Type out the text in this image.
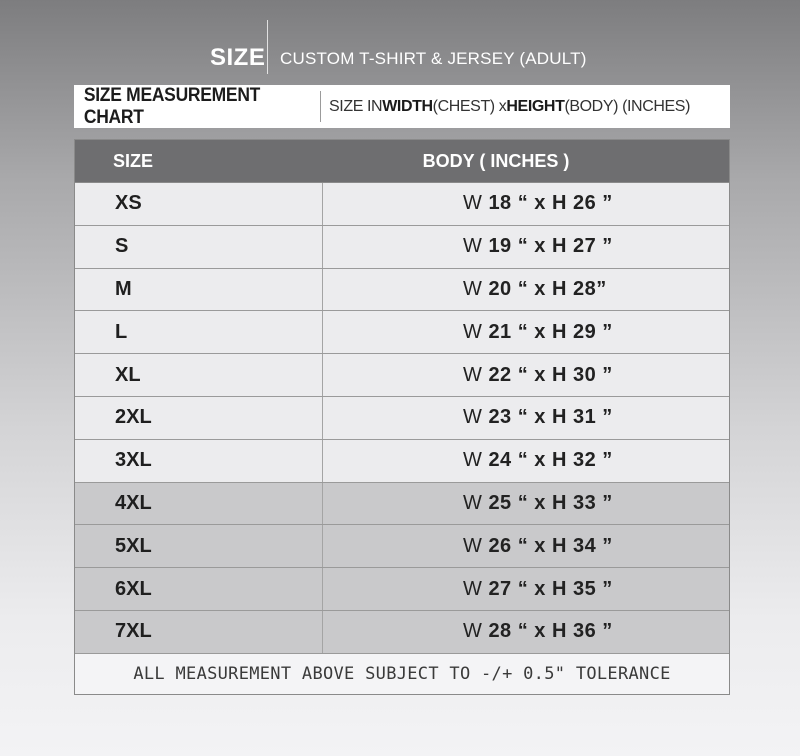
SIZE CUSTOM T-SHIRT & JERSEY (ADULT)
SIZE MEASUREMENT CHART
SIZE IN WIDTH (CHEST) x HEIGHT (BODY) (INCHES)
SIZE	BODY ( INCHES )
XS	W 18 “ x H 26 ”
S	W 19 “ x H 27 ”
M	W 20 “ x H 28”
L	W 21 “ x H 29 ”
XL	W 22 “ x H 30 ”
2XL	W 23 “ x H 31 ”
3XL	W 24 “ x H 32 ”
4XL	W 25 “ x H 33 ”
5XL	W 26 “ x H 34 ”
6XL	W 27 “ x H 35 ”
7XL	W 28 “ x H 36 ”
ALL MEASUREMENT ABOVE SUBJECT TO -/+ 0.5" TOLERANCE
